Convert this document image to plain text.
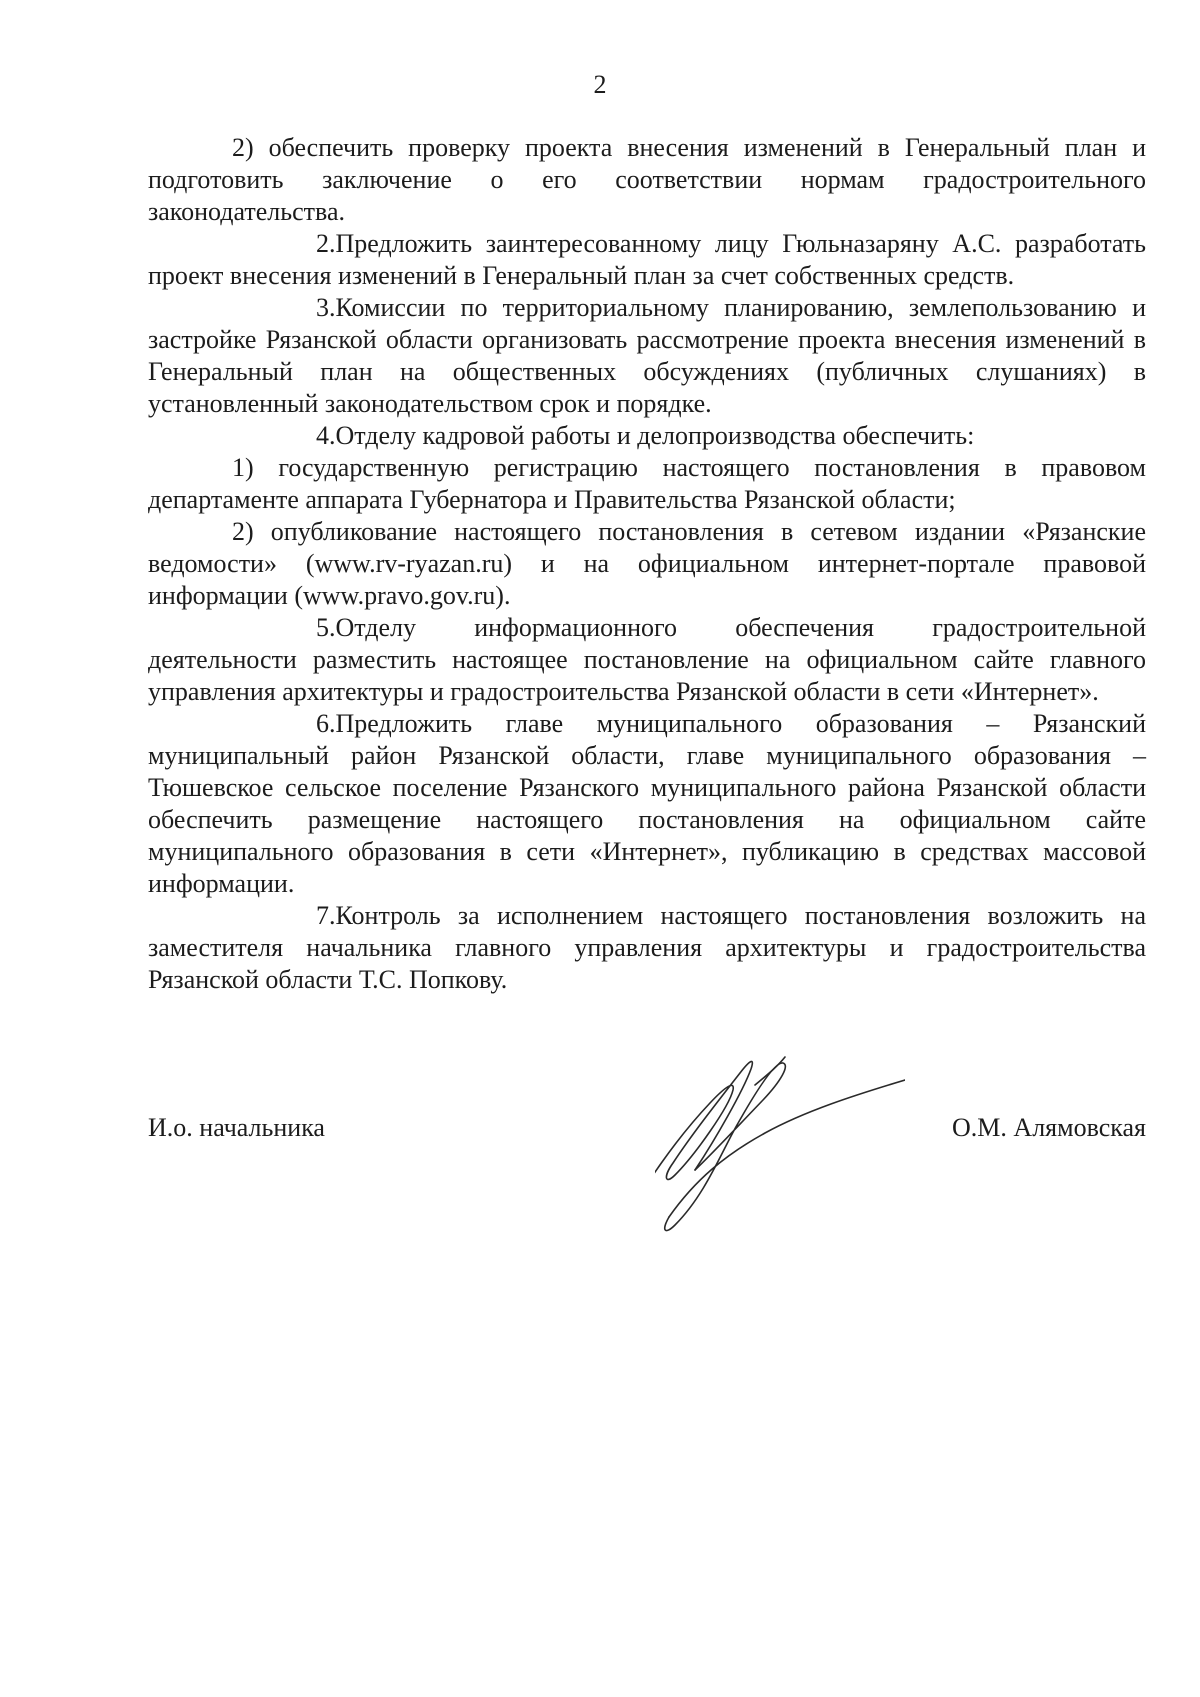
2

2) обеспечить проверку проекта внесения изменений в Генеральный план и подготовить заключение о его соответствии нормам градостроительного законодательства.

2.Предложить заинтересованному лицу Гюльназаряну А.С. разработать проект внесения изменений в Генеральный план за счет собственных средств.

3.Комиссии по территориальному планированию, землепользованию и застройке Рязанской области организовать рассмотрение проекта внесения изменений в Генеральный план на общественных обсуждениях (публичных слушаниях) в установленный законодательством срок и порядке.

4.Отделу кадровой работы и делопроизводства обеспечить:

1) государственную регистрацию настоящего постановления в правовом департаменте аппарата Губернатора и Правительства Рязанской области;

2) опубликование настоящего постановления в сетевом издании «Рязанские ведомости» (www.rv-ryazan.ru) и на официальном интернет-портале правовой информации (www.pravo.gov.ru).

5.Отделу информационного обеспечения градостроительной деятельности разместить настоящее постановление на официальном сайте главного управления архитектуры и градостроительства Рязанской области в сети «Интернет».

6.Предложить главе муниципального образования – Рязанский муниципальный район Рязанской области, главе муниципального образования – Тюшевское сельское поселение Рязанского муниципального района Рязанской области обеспечить размещение настоящего постановления на официальном сайте муниципального образования в сети «Интернет», публикацию в средствах массовой информации.

7.Контроль за исполнением настоящего постановления возложить на заместителя начальника главного управления архитектуры и градостроительства Рязанской области Т.С. Попкову.

И.о. начальника	О.М. Алямовская
